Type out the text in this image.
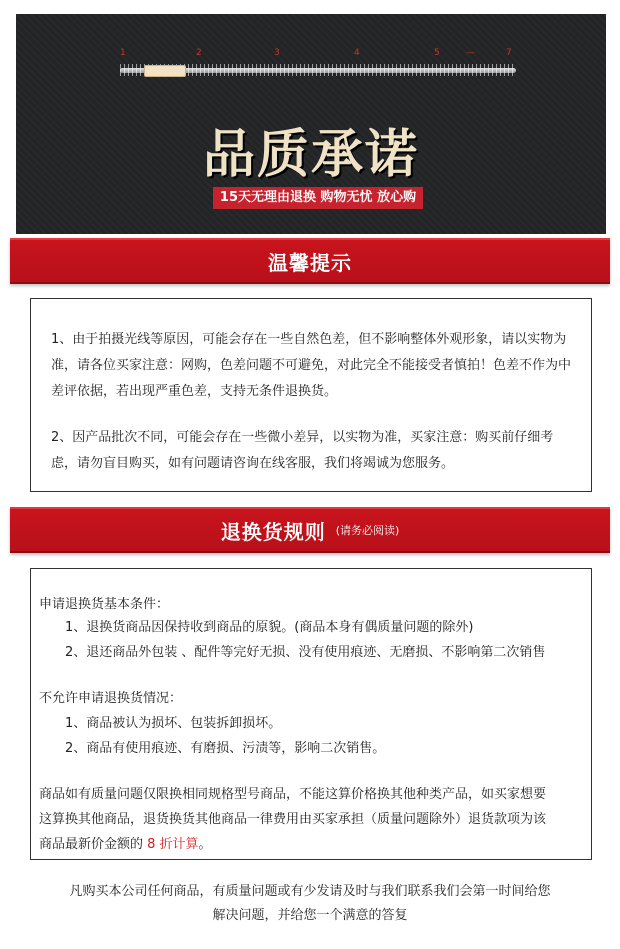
1	2	3	4	5	—	7
品质承诺
15天无理由退换 购物无忧 放心购
温馨提示
1、由于拍摄光线等原因，可能会存在一些自然色差，但不影响整体外观形象，请以实物为准，请各位买家注意：网购，色差问题不可避免，对此完全不能接受者慎拍！色差不作为中差评依据，若出现严重色差，支持无条件退换货。
2、因产品批次不同，可能会存在一些微小差异，以实物为准，买家注意：购买前仔细考虑，请勿盲目购买，如有问题请咨询在线客服，我们将竭诚为您服务。
退换货规则 (请务必阅读)
申请退换货基本条件：
1、退换货商品因保持收到商品的原貌。(商品本身有偶质量问题的除外)
2、退还商品外包装 、配件等完好无损、没有使用痕迹、无磨损、不影响第二次销售
不允许申请退换货情况：
1、商品被认为损坏、包装拆卸损坏。
2、商品有使用痕迹、有磨损、污渍等，影响二次销售。
商品如有质量问题仅限换相同规格型号商品，不能这算价格换其他种类产品，如买家想要
这算换其他商品，退货换货其他商品一律费用由买家承担（质量问题除外）退货款项为该
商品最新价金额的 8 折计算。
凡购买本公司任何商品，有质量问题或有少发请及时与我们联系我们会第一时间给您
解决问题，并给您一个满意的答复
